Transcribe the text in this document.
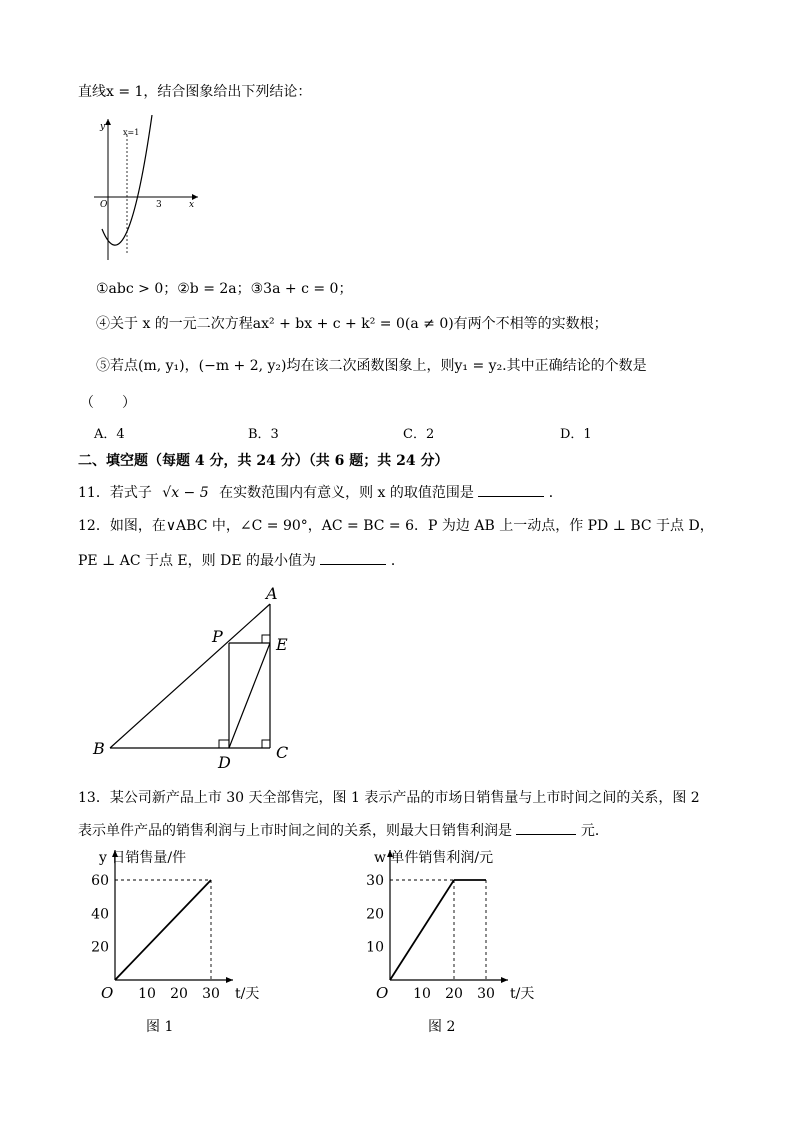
直线x = 1，结合图象给出下列结论：
y
x=1
O	3	x
①abc > 0；②b = 2a；③3a + c = 0；
④关于 x 的一元二次方程ax² + bx + c + k² = 0(a ≠ 0)有两个不相等的实数根；
⑤若点(m, y₁)，(−m + 2, y₂)均在该二次函数图象上，则y₁ = y₂.其中正确结论的个数是
（　　）
A．4	B．3	C．2	D．1
二、填空题（每题 4 分，共 24 分）（共 6 题；共 24 分）
11．若式子 √x − 5 在实数范围内有意义，则 x 的取值范围是	．
12．如图，在∨ABC 中，∠C = 90°，AC = BC = 6．P 为边 AB 上一动点，作 PD ⊥ BC 于点 D，
PE ⊥ AC 于点 E，则 DE 的最小值为	．
A
B	C
D
E
P
13．某公司新产品上市 30 天全部售完，图 1 表示产品的市场日销售量与上市时间之间的关系，图 2
表示单件产品的销售利润与上市时间之间的关系，则最大日销售利润是	元．
10 20 30
20
40
60
O
y 日销售量/件
t/天
图 1
10 20 30
10
20
30
O
w 单件销售利润/元
t/天
图 2
